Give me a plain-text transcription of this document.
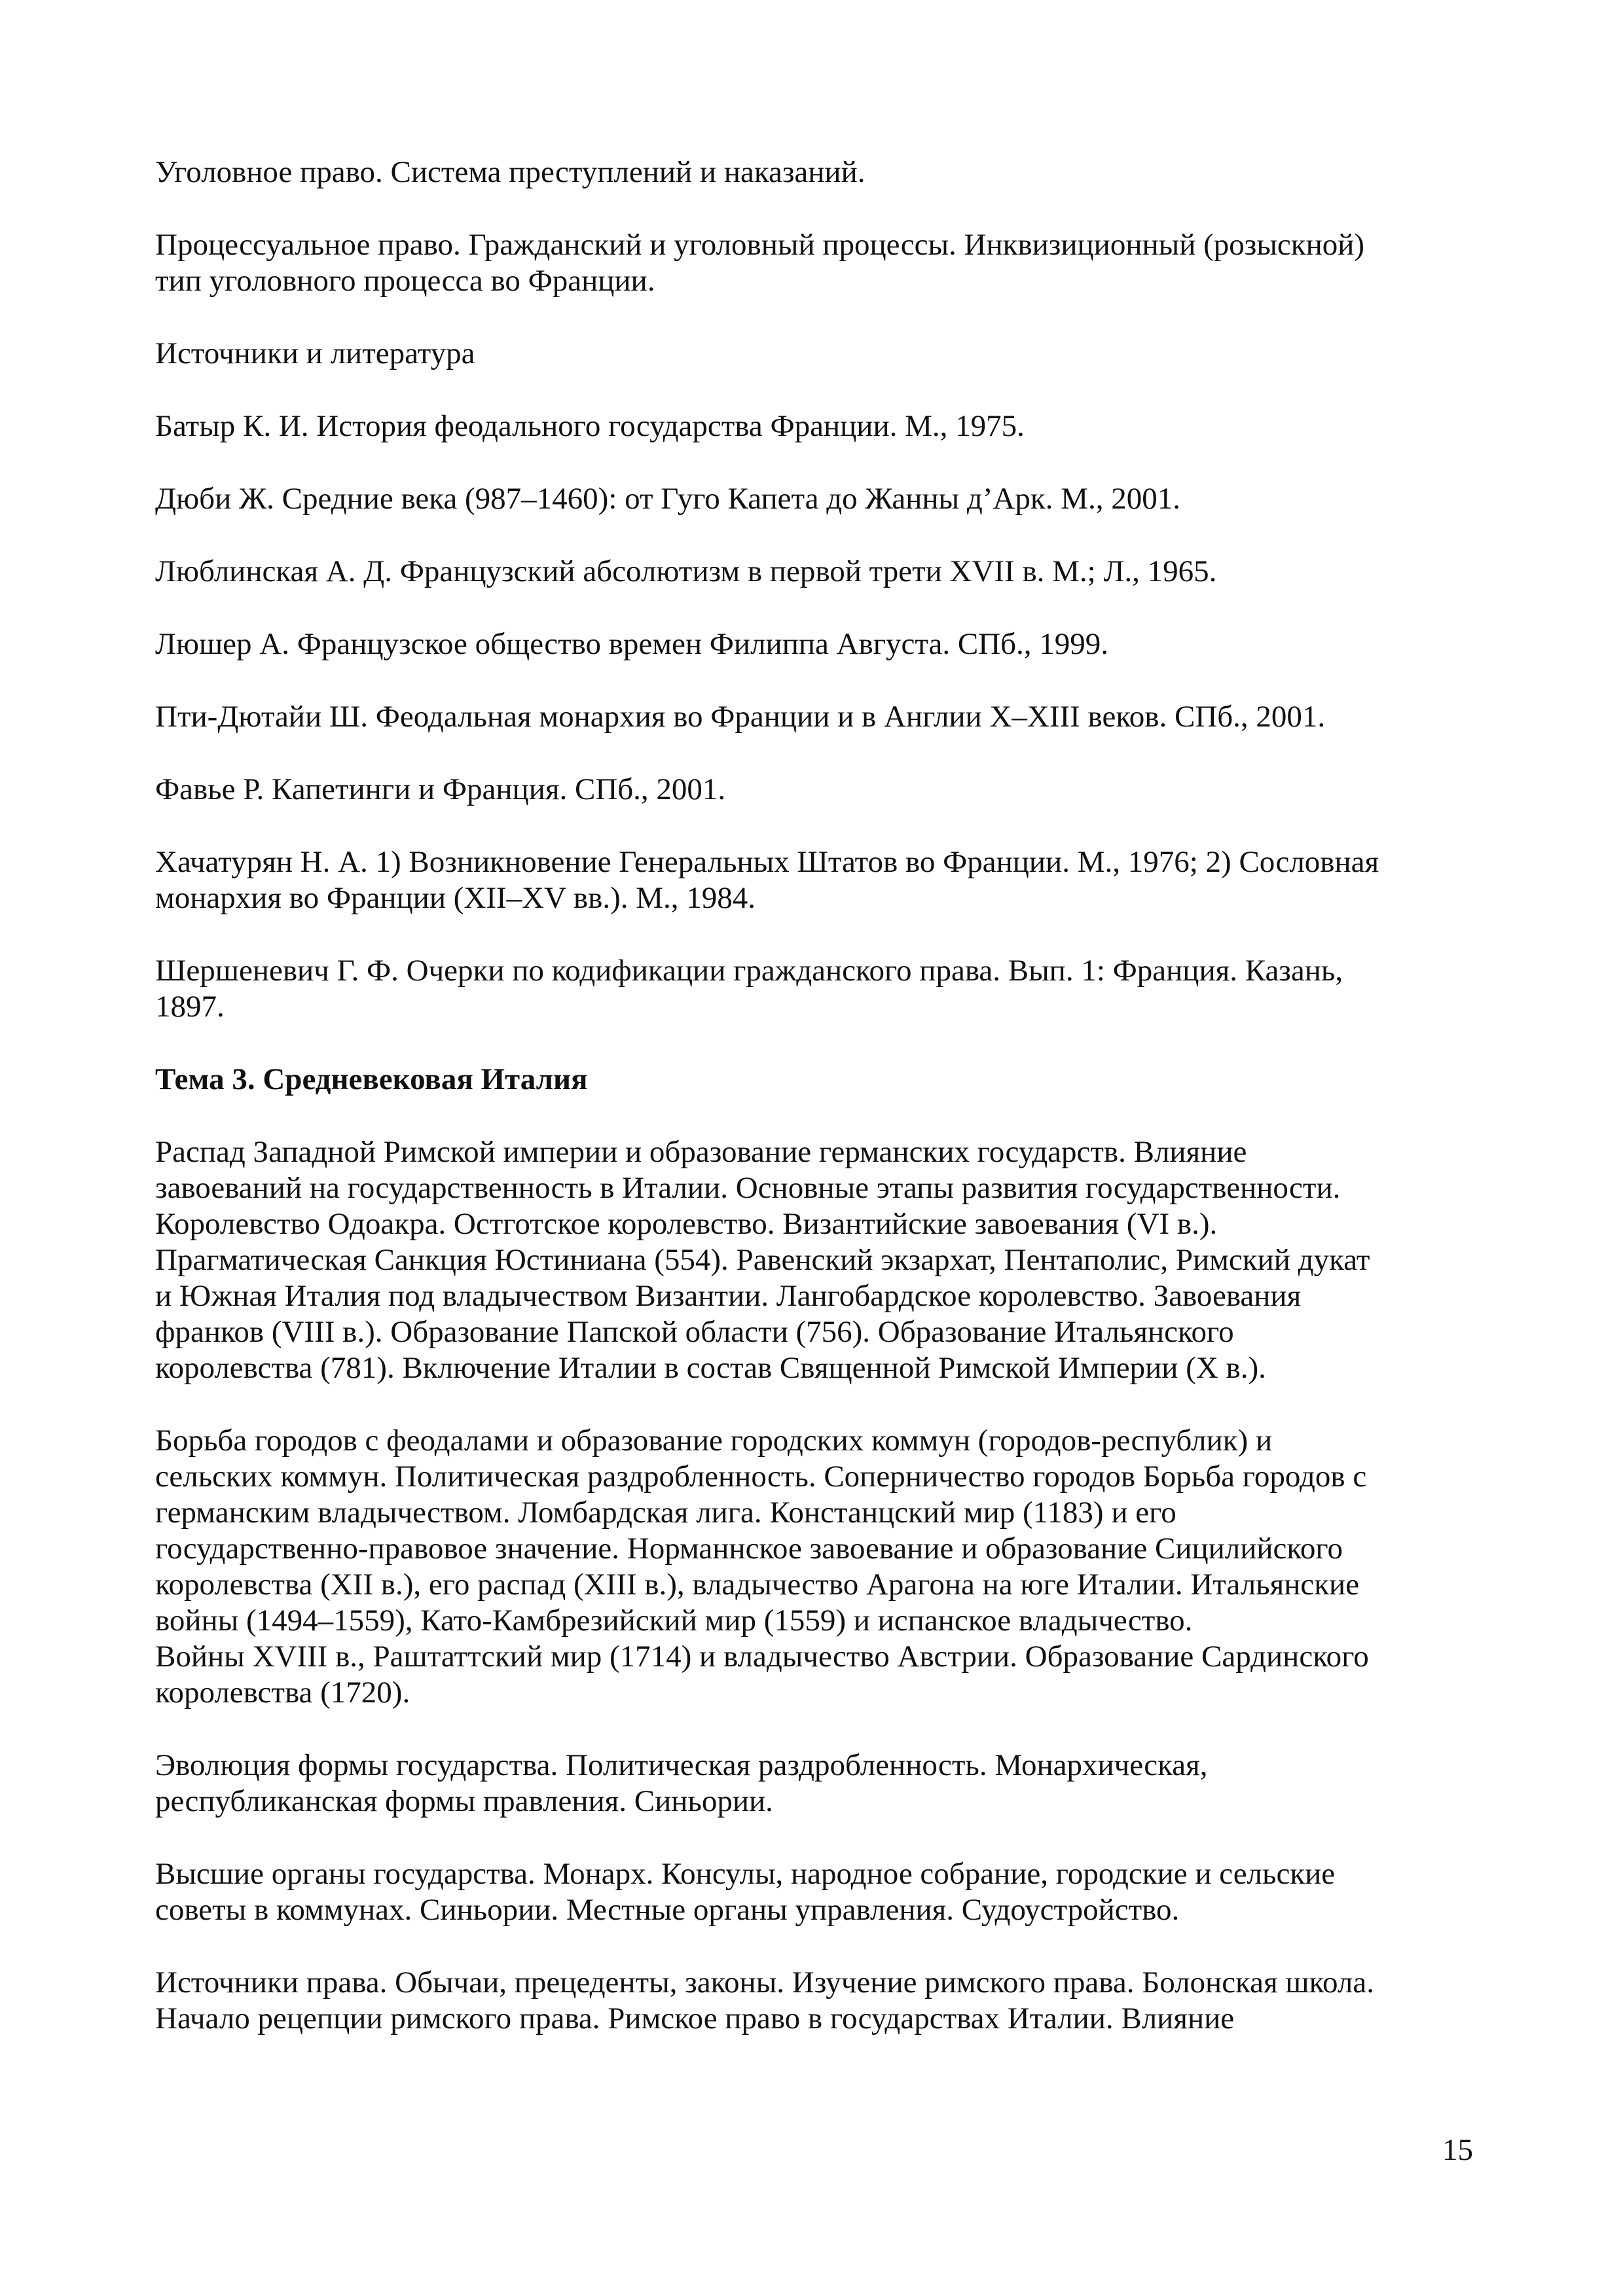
Уголовное право. Система преступлений и наказаний.
Процессуальное право. Гражданский и уголовный процессы. Инквизиционный (розыскной)
тип уголовного процесса во Франции.
Источники и литература
Батыр К. И. История феодального государства Франции. М., 1975.
Дюби Ж. Средние века (987–1460): от Гуго Капета до Жанны д’Арк. М., 2001.
Люблинская А. Д. Французский абсолютизм в первой трети XVII в. М.; Л., 1965.
Люшер А. Французское общество времен Филиппа Августа. СПб., 1999.
Пти-Дютайи Ш. Феодальная монархия во Франции и в Англии X–XIII веков. СПб., 2001.
Фавье Р. Капетинги и Франция. СПб., 2001.
Хачатурян Н. А. 1) Возникновение Генеральных Штатов во Франции. М., 1976; 2) Сословная
монархия во Франции (XII–XV вв.). М., 1984.
Шершеневич Г. Ф. Очерки по кодификации гражданского права. Вып. 1: Франция. Казань,
1897.
Тема 3. Средневековая Италия
Распад Западной Римской империи и образование германских государств. Влияние
завоеваний на государственность в Италии. Основные этапы развития государственности.
Королевство Одоакра. Остготское королевство. Византийские завоевания (VI в.).
Прагматическая Санкция Юстиниана (554). Равенский экзархат, Пентаполис, Римский дукат
и Южная Италия под владычеством Византии. Лангобардское королевство. Завоевания
франков (VIII в.). Образование Папской области (756). Образование Итальянского
королевства (781). Включение Италии в состав Священной Римской Империи (X в.).
Борьба городов с феодалами и образование городских коммун (городов-республик) и
сельских коммун. Политическая раздробленность. Соперничество городов Борьба городов с
германским владычеством. Ломбардская лига. Констанцский мир (1183) и его
государственно-правовое значение. Норманнское завоевание и образование Сицилийского
королевства (XII в.), его распад (XIII в.), владычество Арагона на юге Италии. Итальянские
войны (1494–1559), Като-Камбрезийский мир (1559) и испанское владычество.
Войны XVIII в., Раштаттский мир (1714) и владычество Австрии. Образование Сардинского
королевства (1720).
Эволюция формы государства. Политическая раздробленность. Монархическая,
республиканская формы правления. Синьории.
Высшие органы государства. Монарх. Консулы, народное собрание, городские и сельские
советы в коммунах. Синьории. Местные органы управления. Судоустройство.
Источники права. Обычаи, прецеденты, законы. Изучение римского права. Болонская школа.
Начало рецепции римского права. Римское право в государствах Италии. Влияние
15
